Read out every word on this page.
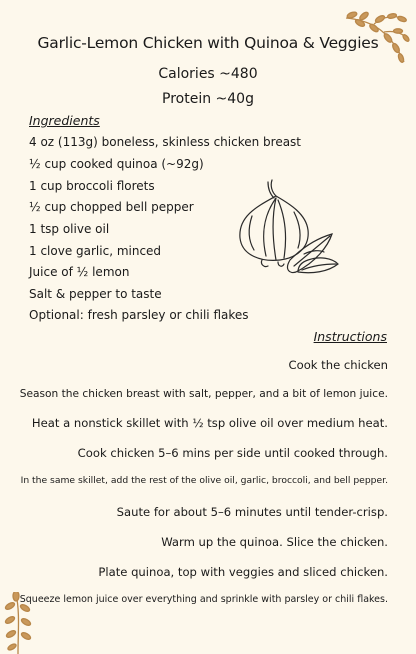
Garlic-Lemon Chicken with Quinoa & Veggies
Calories ~480
Protein ~40g
Ingredients
4 oz (113g) boneless, skinless chicken breast
½ cup cooked quinoa (~92g)
1 cup broccoli florets
½ cup chopped bell pepper
1 tsp olive oil
1 clove garlic, minced
Juice of ½ lemon
Salt & pepper to taste
Optional: fresh parsley or chili flakes
Instructions
Cook the chicken
Season the chicken breast with salt, pepper, and a bit of lemon juice.
Heat a nonstick skillet with ½ tsp olive oil over medium heat.
Cook chicken 5–6 mins per side until cooked through.
In the same skillet, add the rest of the olive oil, garlic, broccoli, and bell pepper.
Saute for about 5–6 minutes until tender-crisp.
Warm up the quinoa. Slice the chicken.
Plate quinoa, top with veggies and sliced chicken.
Squeeze lemon juice over everything and sprinkle with parsley or chili flakes.
